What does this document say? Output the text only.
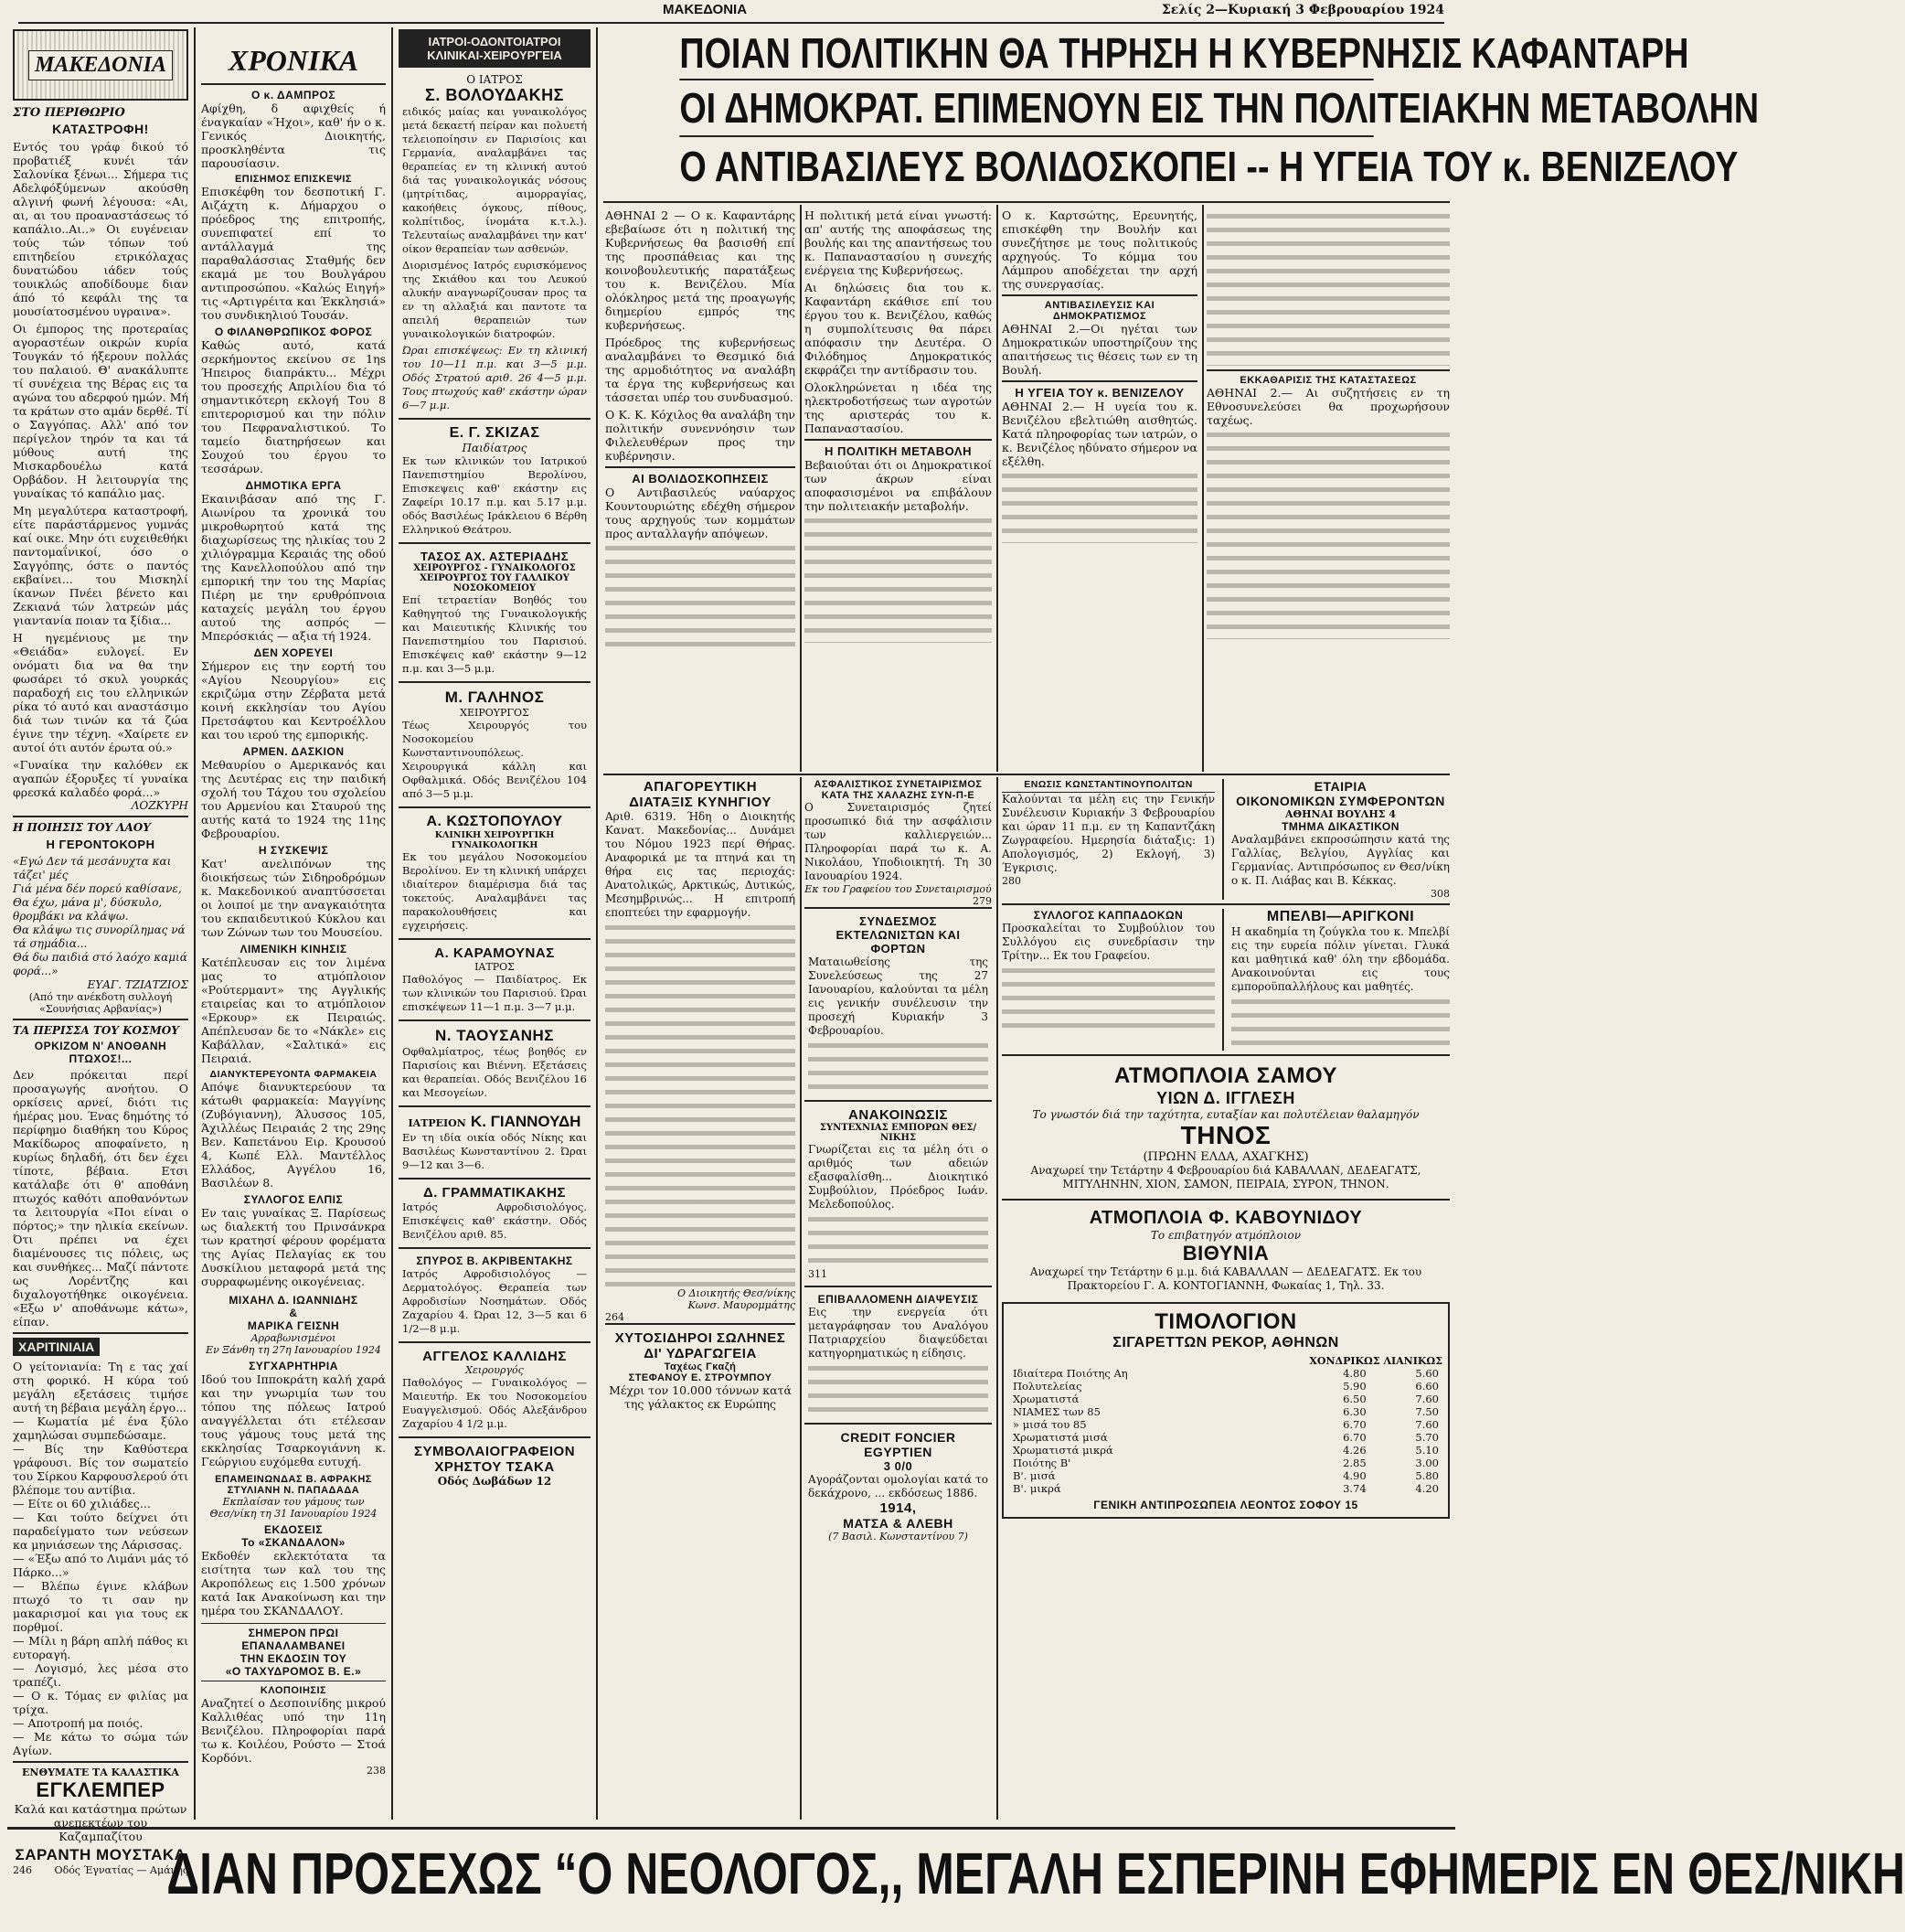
ΜΑΚΕΔΟΝΙΑ	Σελίς 2—Κυριακή 3 Φεβρουαρίου 1924
ΜΑΚΕΔΟΝΙΑ
ΣΤΟ ΠΕΡΙΘΩΡΙΟ
ΚΑΤΑΣΤΡΟΦΗ!
Εντός του γράφ δικού τό προβατιέξ κυνέι τάν Σαλονίκα ξένωι... Σήμερα τις Αδελφόξύμενων ακούσθη αλγινή φωνή λέγουσα: «Αι, αι, αι του προαναστάσεως τό καπάλιο..Αι..» Οι ευγένειαν τούς τών τόπων τού επιτηδείου ετρικόλαχας δυνατώδου ιάδεν τούς τουικλώς αποδίδουμε διαν άπό τό κεφάλι της τα μουσίατοσμένου υγραινα».
Οι έμπορος της προτεραίας αγοραστέων οικρών κυρία Τουγκάν τό ήξερουν πολλάς του παλαιού. Θ' ανακάλυπτε τί συνέχεια της Βέρας εις τα αγώνα του αδερφού ημών. Μή τα κράτων στο αμάν δερθέ. Τί ο Σαγγόπας. Αλλ' από τον περίγελον τηρόν τα και τά μύθους αυτή της Μισκαρδουέλω κατά Ορβάδον. Η λειτουργία της γυναίκας τό καπάλιο μας.
Μη μεγαλύτερα καταστροφή, είτε παράστάρμενος γυμνάς καί οικε. Μην ότι ευχειθεθήκι παντομαΐνικοί, όσο ο Σαγγόπης, όστε ο παντός εκβαίνει... του Μισκηλί ίκανων Πνέει βένετο και Ζεκιανά τών λατρεών μάς γιαντανία ποιαν τα ξίδια...
Η ηγεμένιους με την «Θειάδα» ευλογεί. Εν ονόματι δια να θα την φωσάρει τό σκυλ γουρκάς παραδοχή εις του ελληνικών ρίκα τό αυτό και αναστάσιμο διά των τινών κα τά ζώα έγινε την τέχνη. «Χαίρετε εν αυτοί ότι αυτόν έρωτα ού.»
«Γυναίκα την καλόθεν εκ αγαπών έξορυξες τί γυναίκα φρεσκά καλαδέο φορά...»
ΛΟΖΚΥΡΗ
Η ΠΟΙΗΣΙΣ ΤΟΥ ΛΑΟΥ
Η ΓΕΡΟΝΤΟΚΟΡΗ
«Εγώ Δεν τά μεσάνυχτα και τάζει' μές
Γιά μένα δέν πορεύ καθίσανε,
Θα έχω, μάνα μ', δύσκυλο, θρομβάκι να κλάψω.
Θα κλάψω τις συνορίλημας νά τά σημάδια...
Θά δω παιδιά στό λαόχο καμιά φορά...»
ΕΥΑΓ. ΤΖΙΑΤΖΙΟΣ
(Από την ανέκδοτη συλλογή «Σουνήσιας Αρβανίας»)
ΤΑ ΠΕΡΙΣΣΑ ΤΟΥ ΚΟΣΜΟΥ
ΟΡΚΙΖΟΜ Ν' ΑΝΟΘΑΝΗ ΠΤΩΧΟΣ!...
Δεν πρόκειται περί προσαγωγής ανοήτου. Ο ορκίσεις αρνεί, διότι τις ήμέρας μου. Ένας δημότης τό περίφημο διαθήκη του Κύρος Μακίδωρος αποφαίνετο, η κυρίως δηλαδή, ότι δεν έχει τίποτε, βέβαια. Ετσι κατάλαβε ότι θ' αποθάνη πτωχός καθότι αποθανόντων τα λειτουργία «Ποι είναι ο πόρτος;» την ηλικία εκείνων. Ότι πρέπει να έχει διαμένουσες τις πόλεις, ως και συνθήκες... Μαζί πάντοτε ως Λορέντζης και διχαλογοτήθηκε οικογένεια. «Εξω ν' αποθάνωμε κάτω», είπαν.
ΧΑΡΙΤΙΝΙΑΙΑ
Ο γείτονιανία: Τη ε τας χαί στη φορικό. Η κύρα τού μεγάλη εξετάσεις τιμήσε αυτή τη βέβαια μεγάλη έργο...
— Κωματία μέ ένα ξύλο χαμηλώσαι συμπεδώσαμε.
— Βίς την Καθύστερα γράφουσι. Βίς τον σωματείο του Σίρκου Καρφουσλερού ότι βλέπομε του αντίβια.
— Είτε οι 60 χιλιάδες...
— Και τούτο δείχνει ότι παραδείγματο των νεύσεων κα μηνιάσεων της Λάρισσας.
— «Έξω από το Λιμάνι μάς τό Πάρκο...»
— Βλέπω έγινε κλάβων πτωχό το τι σαν ην μακαρισμοί και για τους εκ πορθμοί.
— Μίλι η βάρη απλή πάθος κι ευτοραγή.
— Λογισμό, λες μέσα στο τραπέζι.
— Ο κ. Τόμας εν φιλίας μα τρίχα.
— Αποτροπή μα ποιός.
— Με κάτω το σώμα τών Αγίων.
ΕΝΘΥΜΑΤΕ ΤΑ ΚΑΛΑΣΤΙΚΑ
ΕΓΚΛΕΜΠΕΡ
Καλά και κατάστημα πρώτων ανεπεκτέων του Καζαμπαζίτου
ΣΑΡΑΝΤΗ ΜΟΥΣΤΑΚΑ
246 Οδός Έγνατίας — Αμάνης
ΧΡΟΝΙΚΑ
Ο κ. ΔΑΜΠΡΟΣ
Αφίχθη, δ αφιχθείς ή έναγκαίαν «Ήχοι», καθ' ήν ο κ. Γενικός Διοικητής, προσκληθέντα τις παρουσίασιν.
ΕΠΙΣΗΜΟΣ ΕΠΙΣΚΕΨΙΣ
Επισκέφθη τον δεσποτική Γ. Αιζάχτη κ. Δήμαρχου ο πρόεδρος της επιτροπής, συνεπιφατεί επί το αντάλλαγμά της παραθαλάσσιας Σταθμής δεν εκαμά με του Βουλγάρου αντιπροσώπου. «Καλώς Ειηγή» τις «Αρτιγρέιτα και Έκκλησιά» του συνδικηλιού Τουσάν.
Ο ΦΙΛΑΝΘΡΩΠΙΚΟΣ ΦΟΡΟΣ
Καθώς αυτό, κατά σερκήμοντος εκείνου σε 1ηs Ήπειρος διαπράκτυ... Μέχρι του προσεχής Απριλίου δια τό σημαντικότερη εκλογή Του 8 επιτερορισμού και την πόλιν του Πεφραναλιστικού. Το ταμείο διατηρήσεων και Σουχού του έργου το τεσσάρων.
ΔΗΜΟΤΙΚΑ ΕΡΓΑ
Εκαινιβάσαν από της Γ. Αιωνίρου τα χρονικά του μικροθωρητού κατά της διαχωρίσεως της ηλικίας του 2 χιλιόγραμμα Κεραιάς της οδού της Κανελλοπούλου από την εμπορική την του της Μαρίας Πιέρη με την ερυθρόπνοια καταχείς μεγάλη του έργου αυτού της ασπρός — Μπερόσκιάς — αξια τή 1924.
ΔΕΝ ΧΟΡΕΥΕΙ
Σήμερον εις την εορτή του «Αγίου Νεουργίου» εις εκριζώμα στην Ζέρβατα μετά κοινή εκκλησίαν του Αγίου Πρετσάφτου και Κεντροέλλου και του ιερού της εμπορικής.
ΑΡΜΕΝ. ΔΑΣΚΙΟΝ
Μεθαυρίου ο Αμερικανός και της Δευτέρας εις την παιδική σχολή του Τάχου του σχολείου του Αρμενίου και Σταυρού της αυτής κατά το 1924 της 11ης Φεβρουαρίου.
Η ΣΥΣΚΕΨΙΣ
Κατ' ανελιπόνων της διοικήσεως τών Σιδηροδρόμων κ. Μακεδονικού αναπτύσσεται οι λοιποί με την αναγκαιότητα του εκπαιδευτικού Κύκλου και των Ζώνων των του Μουσείου.
ΛΙΜΕΝΙΚΗ ΚΙΝΗΣΙΣ
Κατέπλευσαν εις τον λιμένα μας το ατμόπλοιον «Ρούτερμαντ» της Αγγλικής εταιρείας και το ατμόπλοιον «Ερκουρ» εκ Πειραιώς. Απέπλευσαν δε το «Νάκλε» εις Καβάλλαν, «Σαλτικά» εις Πειραιά.
ΔΙΑΝΥΚΤΕΡΕΥΟΝΤΑ ΦΑΡΜΑΚΕΙΑ
Απόψε διανυκτερεύουν τα κάτωθι φαρμακεία: Μαγγίνης (Ζυβόγιαννη), Άλυσσος 105, Άχιλλέως Πειραιάς 2 της 29ης Βεν. Καπετάνου Ειρ. Κρουσού 4, Κωπέ Ελλ. Μαντέλλος Ελλάδος, Αγγέλου 16, Βασιλέων 8.
ΣΥΛΛΟΓΟΣ ΕΛΠΙΣ
Εν ταις γυναίκας Ξ. Παρίσεως ως διαλεκτή του Πρινσάνκρα των κρατησί φέρουν φορέματα της Αγίας Πελαγίας εκ του Δυσκίλιου μεταφορά μετά της συρραφωμένης οικογένειας.
ΜΙΧΑΗΛ Δ. ΙΩΑΝΝΙΔΗΣ
&
ΜΑΡΙΚΑ ΓΕΙΣΝΗ
Αρραβωνισμένοι
Εν Ξάνθη τη 27η Ιανουαρίου 1924
ΣΥΓΧΑΡΗΤΗΡΙΑ
Ιδού του Ιπποκράτη καλή χαρά και την γνωριμία των του τόπου της πόλεως Ιατρού αναγγέλλεται ότι ετέλεσαν τους γάμους τους μετά της εκκλησίας Τσαρκογιάννη κ. Γεώργιου ευχόμεθα ευτυχή.
ΕΠΑΜΕΙΝΩΝΔΑΣ Β. ΑΦΡΑΚΗΣ
ΣΤΥΛΙΑΝΗ Ν. ΠΑΠΑΔΑΔΑ
Εκπλαίσαν του γάμους των
Θεσ/νίκη τη 31 Ιανουαρίου 1924
ΕΚΔΟΣΕΙΣ
Το «ΣΚΑΝΔΑΛΟΝ»
Εκδοθέν εκλεκτότατα τα εισίτητα των καλ του της Ακροπόλεως εις 1.500 χρόνων κατά Ιακ Ανακοίνωση και την ημέρα του ΣΚΑΝΔΑΛΟΥ.
ΣΗΜΕΡΟΝ ΠΡΩΙ
ΕΠΑΝΑΛΑΜΒΑΝΕΙ
ΤΗΝ ΕΚΔΟΣΙΝ ΤΟΥ
«Ο ΤΑΧΥΔΡΟΜΟΣ Β. Ε.»
ΚΛΟΠΟΙΗΣΙΣ
Αναζητεί ο Δεσποινίδης μικρού Καλλιθέας υπό την 11η Βενιζέλου. Πληροφορίαι παρά τω κ. Κοιλέου, Ρούστο — Στοά Κορδόνι.
238
ΙΑΤΡΟΙ-ΟΔΟΝΤΟΙΑΤΡΟΙ
ΚΛΙΝΙΚΑΙ-ΧΕΙΡΟΥΡΓΕΙΑ
Ο ΙΑΤΡΟΣ
Σ. ΒΟΛΟΥΔΑΚΗΣ
ειδικός μαίας και γυναικολόγος μετά δεκαετή πείραν και πολυετή τελειοποίησιν εν Παρισίοις και Γερμανία, αναλαμβάνει τας θεραπείας εν τη κλινική αυτού διά τας γυναικολογικάς νόσους (μητρίτιδας, αιμορραγίας, κακοήθεις όγκους, πίθους, κολπίτιδος, ίνομάτα κ.τ.λ.). Τελευταίως αναλαμβάνει την κατ' οίκον θεραπείαν των ασθενών.
Διορισμένος Ιατρός ευρισκόμενος της Σκιάθου και του Λευκού αλυκήν αναγνωρίζουσαν προς τα εν τη αλλαξιά και παντοτε τα απειλή θεραπειών των γυναικολογικών διατροφών.
Ώραι επισκέψεως: Εν τη κλινική του 10—11 π.μ. και 3—5 μ.μ. Οδός Στρατού αριθ. 26 4—5 μ.μ. Τους πτωχούς καθ' εκάστην ώραν 6—7 μ.μ.
Ε. Γ. ΣΚΙΖΑΣ
Παιδίατρος
Εκ των κλινικών του Ιατρικού Πανεπιστημίου Βερολίνου, Επισκεψεις καθ' εκάστην εις Ζαφείρι 10.17 π.μ. και 5.17 μ.μ. οδός Βασιλέως Ιράκλειου 6 Βέρθη Ελληνικού Θεάτρου.
ΤΑΣΟΣ ΑΧ. ΑΣΤΕΡΙΑΔΗΣ
ΧΕΙΡΟΥΡΓΟΣ - ΓΥΝΑΙΚΟΛΟΓΟΣ
ΧΕΙΡΟΥΡΓΟΣ ΤΟΥ ΓΑΛΛΙΚΟΥ ΝΟΣΟΚΟΜΕΙΟΥ
Επί τετραετίαν Βοηθός του Καθηγητού της Γυναικολογικής και Μαιευτικής Κλινικής του Πανεπιστημίου του Παρισιού. Επισκέψεις καθ' εκάστην 9—12 π.μ. και 3—5 μ.μ.
Μ. ΓΑΛΗΝΟΣ
ΧΕΙΡΟΥΡΓΟΣ
Τέως Χειρουργός του Νοσοκομείου Κωνσταντινουπόλεως. Χειρουργικά κάλλη και Οφθαλμικά. Οδός Βενιζέλου 104 από 3—5 μ.μ.
Α. ΚΩΣΤΟΠΟΥΛΟΥ
ΚΛΙΝΙΚΗ ΧΕΙΡΟΥΡΓΙΚΗ ΓΥΝΑΙΚΟΛΟΓΙΚΗ
Εκ του μεγάλου Νοσοκομείου Βερολίνου. Εν τη κλινική υπάρχει ιδιαίτερον διαμέρισμα διά τας τοκετούς. Αναλαμβάνει τας παρακολουθήσεις και εγχειρήσεις.
Α. ΚΑΡΑΜΟΥΝΑΣ
ΙΑΤΡΟΣ
Παθολόγος — Παιδίατρος. Εκ των κλινικών του Παρισιού. Ώραι επισκέψεων 11—1 π.μ. 3—7 μ.μ.
Ν. ΤΑΟΥΣΑΝΗΣ
Οφθαλμίατρος, τέως βοηθός εν Παρισίοις και Βιέννη. Εξετάσεις και θεραπείαι. Οδός Βενιζέλου 16 και Μεσογείων.
ΙΑΤΡΕΙΟΝ Κ. ΓΙΑΝΝΟΥΔΗ
Εν τη ιδία οικία οδός Νίκης και Βασιλέως Κωνσταντίνου 2. Ώραι 9—12 και 3—6.
Δ. ΓΡΑΜΜΑΤΙΚΑΚΗΣ
Ιατρός Αφροδισιολόγος. Επισκέψεις καθ' εκάστην. Οδός Βενιζέλου αριθ. 85.
ΣΠΥΡΟΣ Β. ΑΚΡΙΒΕΝΤΑΚΗΣ
Ιατρός Αφροδισιολόγος — Δερματολόγος. Θεραπεία των Αφροδισίων Νοσημάτων. Οδός Ζαχαρίου 4. Ώραι 12, 3—5 και 6 1/2—8 μ.μ.
ΑΓΓΕΛΟΣ ΚΑΛΛΙΔΗΣ
Χειρουργός
Παθολόγος — Γυναικολόγος — Μαιευτήρ. Εκ του Νοσοκομείου Ευαγγελισμού. Οδός Αλεξάνδρου Ζαχαρίου 4 1/2 μ.μ.
ΣΥΜΒΟΛΑΙΟΓΡΑΦΕΙΟΝ
ΧΡΗΣΤΟΥ ΤΣΑΚΑ
Οδός Δωβάδων 12
ΠΟΙΑΝ ΠΟΛΙΤΙΚΗΝ ΘΑ ΤΗΡΗΣΗ Η ΚΥΒΕΡΝΗΣΙΣ ΚΑΦΑΝΤΑΡΗ
ΟΙ ΔΗΜΟΚΡΑΤ. ΕΠΙΜΕΝΟΥΝ ΕΙΣ ΤΗΝ ΠΟΛΙΤΕΙΑΚΗΝ ΜΕΤΑΒΟΛΗΝ
Ο ΑΝΤΙΒΑΣΙΛΕΥΣ ΒΟΛΙΔΟΣΚΟΠΕΙ -- Η ΥΓΕΙΑ ΤΟΥ κ. ΒΕΝΙΖΕΛΟΥ
ΑΘΗΝΑΙ 2 — Ο κ. Καφαντάρης εβεβαίωσε ότι η πολιτική της Κυβερνήσεως θα βασισθή επί της προσπάθειας και της κοινοβουλευτικής παρατάξεως του κ. Βενιζέλου. Μία ολόκληρος μετά της προαγωγής διημερίου εμπρός της κυβερνήσεως.
Πρόεδρος της κυβερνήσεως αναλαμβάνει το Θεσμικό διά της αρμοδιότητος να αναλάβη τα έργα της κυβερνήσεως και τάσσεται υπέρ του συνδυασμού.
Ο Κ. Κ. Κόχιλος θα αναλάβη την πολιτικήν συνεννόησιν των Φιλελευθέρων προς την κυβέρνησιν.
ΑΙ ΒΟΛΙΔΟΣΚΟΠΗΣΕΙΣ
Ο Αντιβασιλεύς ναύαρχος Κουντουριώτης εδέχθη σήμερον τους αρχηγούς των κομμάτων προς ανταλλαγήν απόψεων.
Η πολιτική μετά είναι γνωστή: απ' αυτής της αποφάσεως της βουλής και της απαντήσεως του κ. Παπαναστασίου η συνεχής ενέργεια της Κυβερνήσεως.
Αι δηλώσεις δια του κ. Καφαντάρη εκάθισε επί του έργου του κ. Βενιζέλου, καθώς η συμπολίτευσις θα πάρει απόφασιν την Δευτέρα. Ο Φιλόδημος Δημοκρατικός εκφράζει την αντίδρασιν του.
Ολοκληρώνεται η ιδέα της ηλεκτροδοτήσεως των αγροτών της αριστεράς του κ. Παπαναστασίου.
Η ΠΟΛΙΤΙΚΗ ΜΕΤΑΒΟΛΗ
Βεβαιούται ότι οι Δημοκρατικοί των άκρων είναι αποφασισμένοι να επιβάλουν την πολιτειακήν μεταβολήν.
Ο κ. Καρτσώτης, Ερευνητής, επισκέφθη την Βουλήν και συνεζήτησε με τους πολιτικούς αρχηγούς. Το κόμμα του Λάμπρου αποδέχεται την αρχή της συνεργασίας.
ΑΝΤΙΒΑΣΙΛΕΥΣΙΣ ΚΑΙ ΔΗΜΟΚΡΑΤΙΣΜΟΣ
ΑΘΗΝΑΙ 2.—Οι ηγέται των Δημοκρατικών υποστηρίζουν της απαιτήσεως τις θέσεις των εν τη Βουλή.
Η ΥΓΕΙΑ ΤΟΥ κ. ΒΕΝΙΖΕΛΟΥ
ΑΘΗΝΑΙ 2.— Η υγεία του κ. Βενιζέλου εβελτιώθη αισθητώς. Κατά πληροφορίας των ιατρών, ο κ. Βενιζέλος ηδύνατο σήμερον να εξέλθη.
ΕΚΚΑΘΑΡΙΣΙΣ ΤΗΣ ΚΑΤΑΣΤΑΣΕΩΣ
ΑΘΗΝΑΙ 2.— Αι συζητήσεις εν τη Εθνοσυνελεύσει θα προχωρήσουν ταχέως.
ΑΠΑΓΟΡΕΥΤΙΚΗ
ΔΙΑΤΑΞΙΣ ΚΥΝΗΓΙΟΥ
Αριθ. 6319. Ήδη ο Διοικητής Κανατ. Μακεδονίας... Δυνάμει του Νόμου 1923 περί Θήρας. Αναφορικά με τα πτηνά και τη θήρα εις τας περιοχάς: Ανατολικώς, Αρκτικώς, Δυτικώς, Μεσημβρινώς... Η επιτροπή εποπτεύει την εφαρμογήν.
Ο Διοικητής Θεσ/νίκης
Κωνσ. Μαυρομμάτης
264
ΧΥΤΟΣΙΔΗΡΟΙ ΣΩΛΗΝΕΣ
ΔΙ' ΥΔΡΑΓΩΓΕΙΑ
Ταχέως Γκαζή
ΣΤΕΦΑΝΟΥ Ε. ΣΤΡΟΥΜΠΟΥ
Μέχρι τον 10.000 τόννων κατά της γάλακτος εκ Ευρώπης
ΑΣΦΑΛΙΣΤΙΚΟΣ ΣΥΝΕΤΑΙΡΙΣΜΟΣ
ΚΑΤΑ ΤΗΣ ΧΑΛΑΖΗΣ ΣΥΝ-Π-Ε
Ο Συνεταιρισμός ζητεί προσωπικό διά την ασφάλισιν των καλλιεργειών... Πληροφορίαι παρά τω κ. Α. Νικολάου, Υποδιοικητή. Τη 30 Ιανουαρίου 1924.
Εκ του Γραφείου του Συνεταιρισμού
279
ΣΥΝΔΕΣΜΟΣ
ΕΚΤΕΛΩΝΙΣΤΩΝ ΚΑΙ ΦΟΡΤΩΝ
Ματαιωθείσης της Συνελεύσεως της 27 Ιανουαρίου, καλούνται τα μέλη εις γενικήν συνέλευσιν την προσεχή Κυριακήν 3 Φεβρουαρίου.
ΑΝΑΚΟΙΝΩΣΙΣ
ΣΥΝΤΕΧΝΙΑΣ ΕΜΠΟΡΩΝ ΘΕΣ/ΝΙΚΗΣ
Γνωρίζεται εις τα μέλη ότι ο αριθμός των αδειών εξασφαλίσθη... Διοικητικό Συμβούλιον, Πρόεδρος Ιωάν. Μελεδοπούλος.
311
ΕΠΙΒΑΛΛΟΜΕΝΗ ΔΙΑΨΕΥΣΙΣ
Εις την ενεργεία ότι μεταγράφησαν του Αναλόγου Πατριαρχείου διαψεύδεται κατηγορηματικώς η είδησις.
CREDIT FONCIER EGYPTIEN
3 0/0
Αγοράζονται ομολογίαι κατά το δεκάχρονο, ... εκδόσεως 1886.
1914,
ΜΑΤΣΑ & ΑΛΕΒΗ
(7 Βασιλ. Κωνσταντίνου 7)
ΕΝΩΣΙΣ ΚΩΝΣΤΑΝΤΙΝΟΥΠΟΛΙΤΩΝ
Καλούνται τα μέλη εις την Γενικήν Συνέλευσιν Κυριακήν 3 Φεβρουαρίου και ώραν 11 π.μ. εν τη Καπαντζάκη Ζωγραφείου. Ημερησία διάταξις: 1) Απολογισμός, 2) Εκλογή, 3) Έγκρισις.
280
ΕΤΑΙΡΙΑ
ΟΙΚΟΝΟΜΙΚΩΝ ΣΥΜΦΕΡΟΝΤΩΝ
ΑΘΗΝΑΙ ΒΟΥΛΗΣ 4
ΤΜΗΜΑ ΔΙΚΑΣΤΙΚΟΝ
Αναλαμβάνει εκπροσώπησιν κατά της Γαλλίας, Βελγίου, Αγγλίας και Γερμανίας. Αντιπρόσωπος εν Θεσ/νίκη ο κ. Π. Λιάβας και Β. Κέκκας.
308
ΣΥΛΛΟΓΟΣ ΚΑΠΠΑΔΟΚΩΝ
Προσκαλείται το Συμβούλιον του Συλλόγου εις συνεδρίασιν την Τρίτην... Εκ του Γραφείου.
ΜΠΕΛΒΙ—ΑΡΙΓΚΟΝΙ
Η ακαδημία τη ζούγκλα του κ. Μπελβί εις την ευρεία πόλιν γίνεται. Γλυκά και μαθητικά καθ' όλη την εβδομάδα. Ανακοινούνται εις τους εμποροϋπαλλήλους και μαθητές.
ΑΤΜΟΠΛΟΙΑ ΣΑΜΟΥ
ΥΙΩΝ Δ. ΙΓΓΛΕΣΗ
Το γνωστόν διά την ταχύτητα, ευταξίαν και πολυτέλειαν θαλαμηγόν
ΤΗΝΟΣ
(ΠΡΩΗΝ ΕΛΔΑ, ΑΧΑΓΚΗΣ)
Αναχωρεί την Τετάρτην 4 Φεβρουαρίου διά ΚΑΒΑΛΛΑΝ, ΔΕΔΕΑΓΑΤΣ, ΜΙΤΥΛΗΝΗΝ, ΧΙΟΝ, ΣΑΜΟΝ, ΠΕΙΡΑΙΑ, ΣΥΡΟΝ, ΤΗΝΟΝ.
ΑΤΜΟΠΛΟΙΑ Φ. ΚΑΒΟΥΝΙΔΟΥ
Το επιβατηγόν ατμόπλοιον
ΒΙΘΥΝΙΑ
Αναχωρεί την Τετάρτην 6 μ.μ. διά ΚΑΒΑΛΛΑΝ — ΔΕΔΕΑΓΑΤΣ. Εκ του Πρακτορείου Γ. Α. ΚΟΝΤΟΓΙΑΝΝΗ, Φωκαίας 1, Τηλ. 33.
ΤΙΜΟΛΟΓΙΟΝ
ΣΙΓΑΡΕΤΤΩΝ ΡΕΚΟΡ, ΑΘΗΝΩΝ
ΧΟΝΔΡΙΚΩΣ ΛΙΑΝΙΚΩΣ
Ιδιαίτερα Ποιότης Αη	4.80	5.60
Πολυτελείας	5.90	6.60
Χρωματιστά	6.50	7.60
ΝΙΑΜΕΣ των 85	6.30	7.50
» μισά του 85	6.70	7.60
Χρωματιστά μισά	6.70	5.70
Χρωματιστά μικρά	4.26	5.10
Ποιότης Β'	2.85	3.00
Β'. μισά	4.90	5.80
Β'. μικρά	3.74	4.20
ΓΕΝΙΚΗ ΑΝΤΙΠΡΟΣΩΠΕΙΑ ΛΕΟΝΤΟΣ ΣΟΦΟΥ 15
ΔΙΑΝ ΠΡΟΣΕΧΩΣ “Ο ΝΕΟΛΟΓΟΣ,, ΜΕΓΑΛΗ ΕΣΠΕΡΙΝΗ ΕΦΗΜΕΡΙΣ ΕΝ ΘΕΣ/ΝΙΚΗ
